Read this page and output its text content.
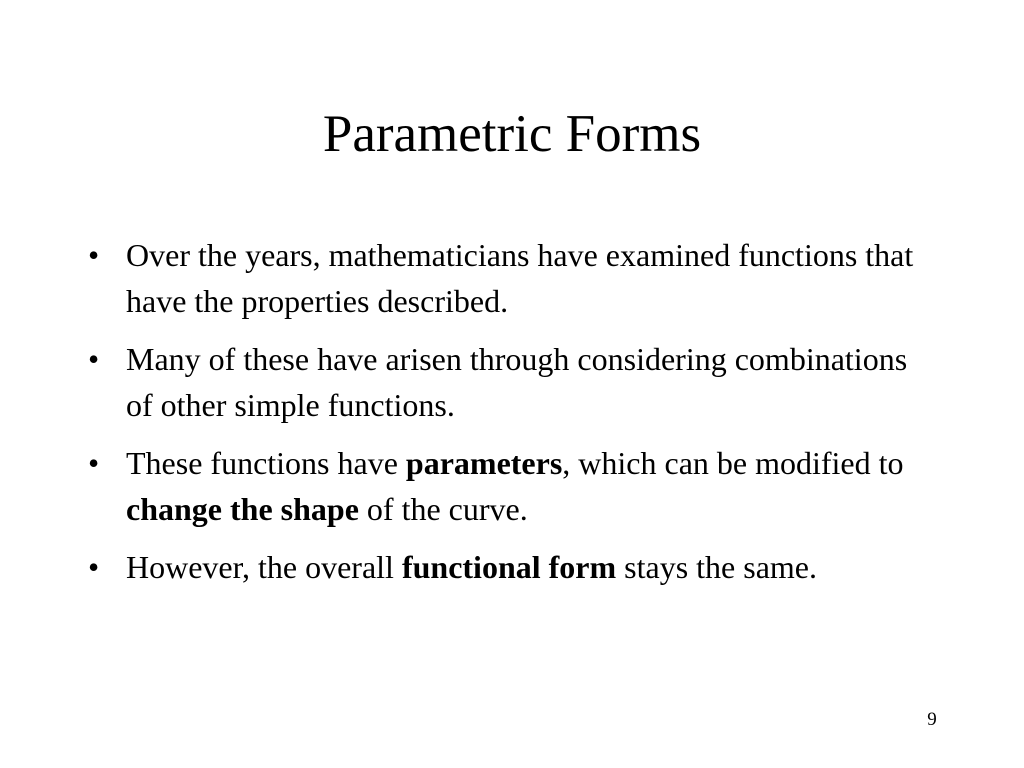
Parametric Forms
• Over the years, mathematicians have examined functions that have the properties described.
• Many of these have arisen through considering combinations of other simple functions.
• These functions have parameters, which can be modified to change the shape of the curve.
• However, the overall functional form stays the same.
9
